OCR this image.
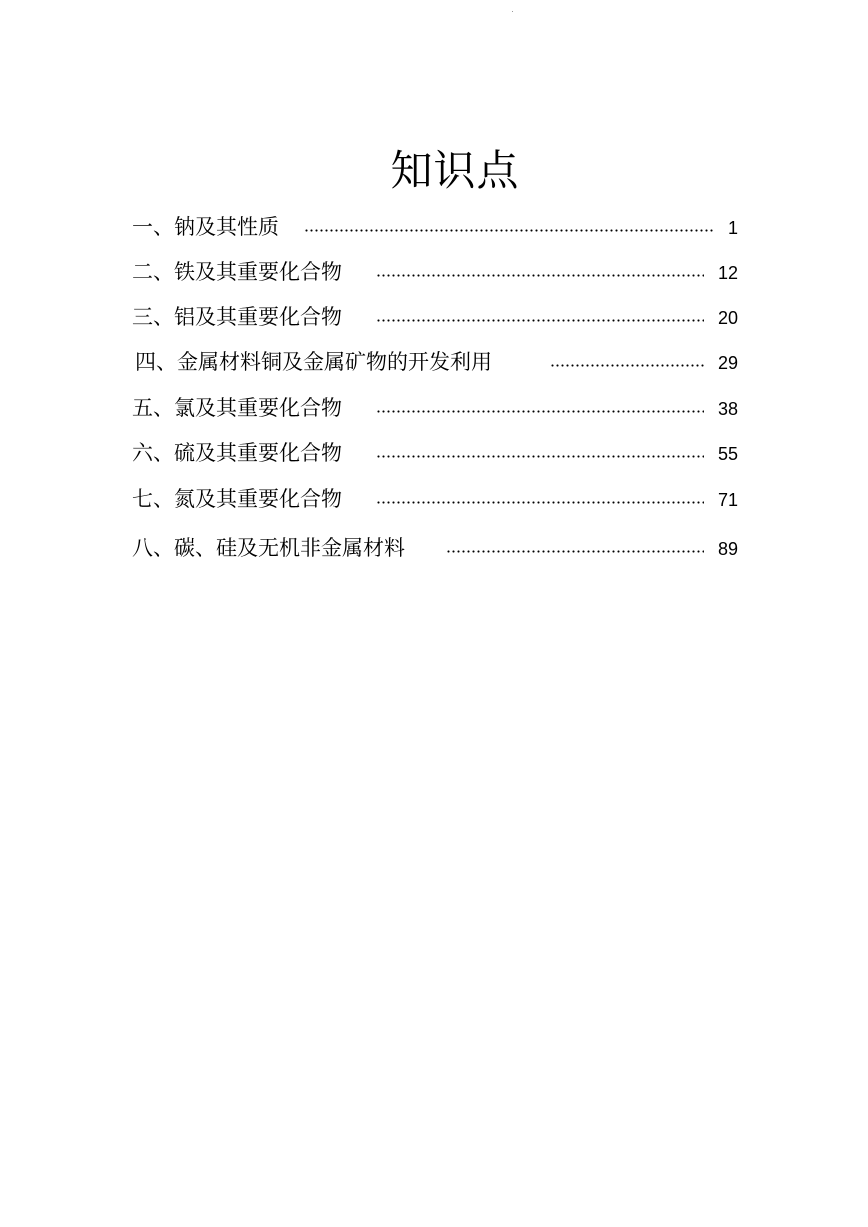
知识点
一、钠及其性质	1
二、铁及其重要化合物	12
三、铝及其重要化合物	20
四、金属材料铜及金属矿物的开发利用	29
五、氯及其重要化合物	38
六、硫及其重要化合物	55
七、氮及其重要化合物	71
八、碳、硅及无机非金属材料	89
